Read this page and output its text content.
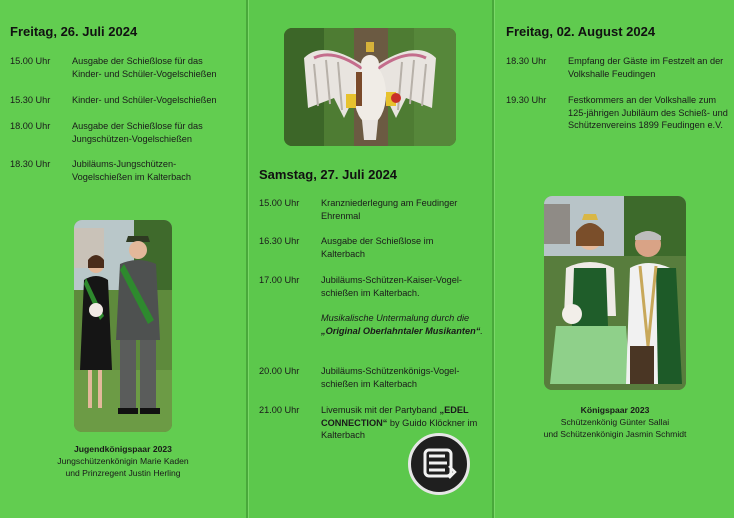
Freitag, 26. Juli 2024
15.00 Uhr Ausgabe der Schießlose für das Kinder- und Schüler-Vogelschießen
15.30 Uhr Kinder- und Schüler-Vogelschießen
18.00 Uhr Ausgabe der Schießlose für das Jungschützen-Vogelschießen
18.30 Uhr Jubiläums-Jungschützen-Vogelschießen im Kalterbach
Jugendkönigspaar 2023
Jungschützenkönigin Marie Kaden
und Prinzregent Justin Herling
Samstag, 27. Juli 2024
15.00 Uhr Kranzniederlegung am Feudinger Ehrenmal
16.30 Uhr Ausgabe der Schießlose im Kalterbach
17.00 Uhr Jubiläums-Schützen-Kaiser-Vogel-schießen im Kalterbach.
Musikalische Untermalung durch die „Original Oberlahntaler Musikanten“.
20.00 Uhr Jubiläums-Schützenkönigs-Vogel-schießen im Kalterbach
21.00 Uhr Livemusik mit der Partyband „EDEL CONNECTION“ by Guido Klöckner im Kalterbach
Freitag, 02. August 2024
18.30 Uhr Empfang der Gäste im Festzelt an der Volkshalle Feudingen
19.30 Uhr Festkommers an der Volkshalle zum 125-jährigen Jubiläum des Schieß- und Schützenvereins 1899 Feudingen e.V.
Königspaar 2023
Schützenkönig Günter Sallai
und Schützenkönigin Jasmin Schmidt
